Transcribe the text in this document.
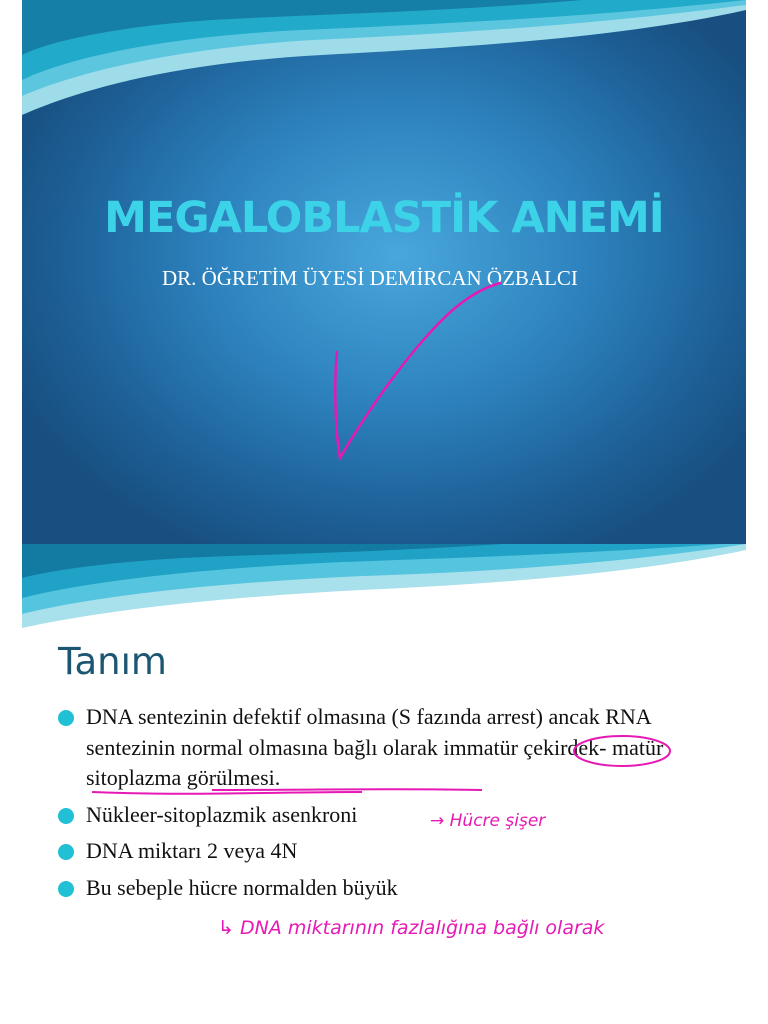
MEGALOBLASTİK ANEMİ
DR. ÖĞRETİM ÜYESİ DEMİRCAN ÖZBALCI
Tanım
DNA sentezinin defektif olmasına (S fazında arrest) ancak RNA sentezinin normal olmasına bağlı olarak immatür çekirdek- matür sitoplazma görülmesi.
Nükleer-sitoplazmik asenkroni
DNA miktarı 2 veya 4N
Bu sebeple hücre normalden büyük
→ Hücre şişer
↳ DNA miktarının fazlalığına bağlı olarak
